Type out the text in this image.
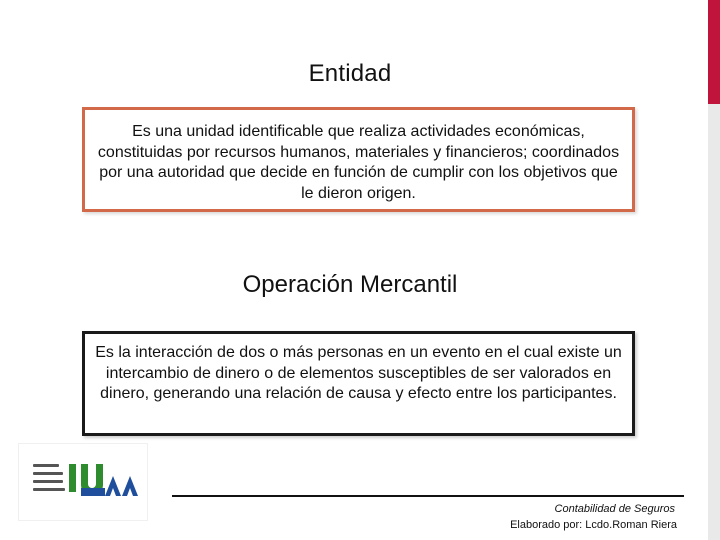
Entidad
Es una unidad identificable que realiza actividades económicas, constituidas por recursos humanos, materiales y financieros; coordinados por una autoridad que decide en función de cumplir con los objetivos que le dieron origen.
Operación Mercantil
Es la interacción de dos o más personas en un evento en el cual existe un intercambio de dinero o de elementos susceptibles de ser valorados en dinero, generando una relación de causa y efecto entre los participantes.
Contabilidad de Seguros
Elaborado por: Lcdo.Roman Riera
